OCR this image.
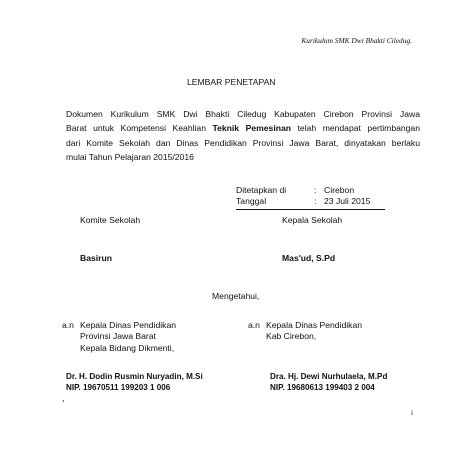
Kurikulum SMK Dwi Bhakti Ciledug.
LEMBAR PENETAPAN
Dokumen Kurikulum SMK Dwi Bhakti Ciledug Kabupaten Cirebon Provinsi Jawa
Barat untuk Kompetensi Keahlian Teknik Pemesinan telah mendapat pertimbangan
dari Komite Sekolah dan Dinas Pendidikan Provinsi Jawa Barat, dinyatakan berlaku
mulai Tahun Pelajaran 2015/2016
Ditetapkan di	: Cirebon
Tanggal	: 23 Juli 2015
Komite Sekolah	Kepala Sekolah
Basirun	Mas'ud, S.Pd
Mengetahui,
a.n Kepala Dinas Pendidikan
Provinsi Jawa Barat
Kepala Bidang Dikmenti,
a.n Kepala Dinas Pendidikan
Kab Cirebon,
Dr. H. Dodin Rusmin Nuryadin, M.Si
NIP. 19670511 199203 1 006
Dra. Hj. Dewi Nurhulaela, M.Pd
NIP. 19680613 199403 2 004
,
i
